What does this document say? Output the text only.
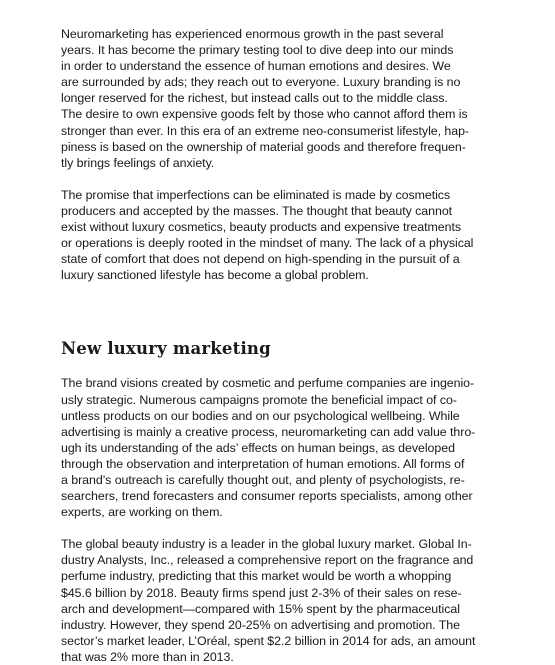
Neuromarketing has experienced enormous growth in the past several
years. It has become the primary testing tool to dive deep into our minds
in order to understand the essence of human emotions and desires. We
are surrounded by ads; they reach out to everyone. Luxury branding is no
longer reserved for the richest, but instead calls out to the middle class.
The desire to own expensive goods felt by those who cannot afford them is
stronger than ever. In this era of an extreme neo-consumerist lifestyle, hap-
piness is based on the ownership of material goods and therefore frequen-
tly brings feelings of anxiety.

The promise that imperfections can be eliminated is made by cosmetics
producers and accepted by the masses. The thought that beauty cannot
exist without luxury cosmetics, beauty products and expensive treatments
or operations is deeply rooted in the mindset of many. The lack of a physical
state of comfort that does not depend on high-spending in the pursuit of a
luxury sanctioned lifestyle has become a global problem.

New luxury marketing

The brand visions created by cosmetic and perfume companies are ingenio-
usly strategic. Numerous campaigns promote the beneficial impact of co-
untless products on our bodies and on our psychological wellbeing. While
advertising is mainly a creative process, neuromarketing can add value thro-
ugh its understanding of the ads’ effects on human beings, as developed
through the observation and interpretation of human emotions. All forms of
a brand’s outreach is carefully thought out, and plenty of psychologists, re-
searchers, trend forecasters and consumer reports specialists, among other
experts, are working on them.

The global beauty industry is a leader in the global luxury market. Global In-
dustry Analysts, Inc., released a comprehensive report on the fragrance and
perfume industry, predicting that this market would be worth a whopping
$45.6 billion by 2018. Beauty firms spend just 2-3% of their sales on rese-
arch and development—compared with 15% spent by the pharmaceutical
industry. However, they spend 20-25% on advertising and promotion. The
sector’s market leader, L’Oréal, spent $2.2 billion in 2014 for ads, an amount
that was 2% more than in 2013.
